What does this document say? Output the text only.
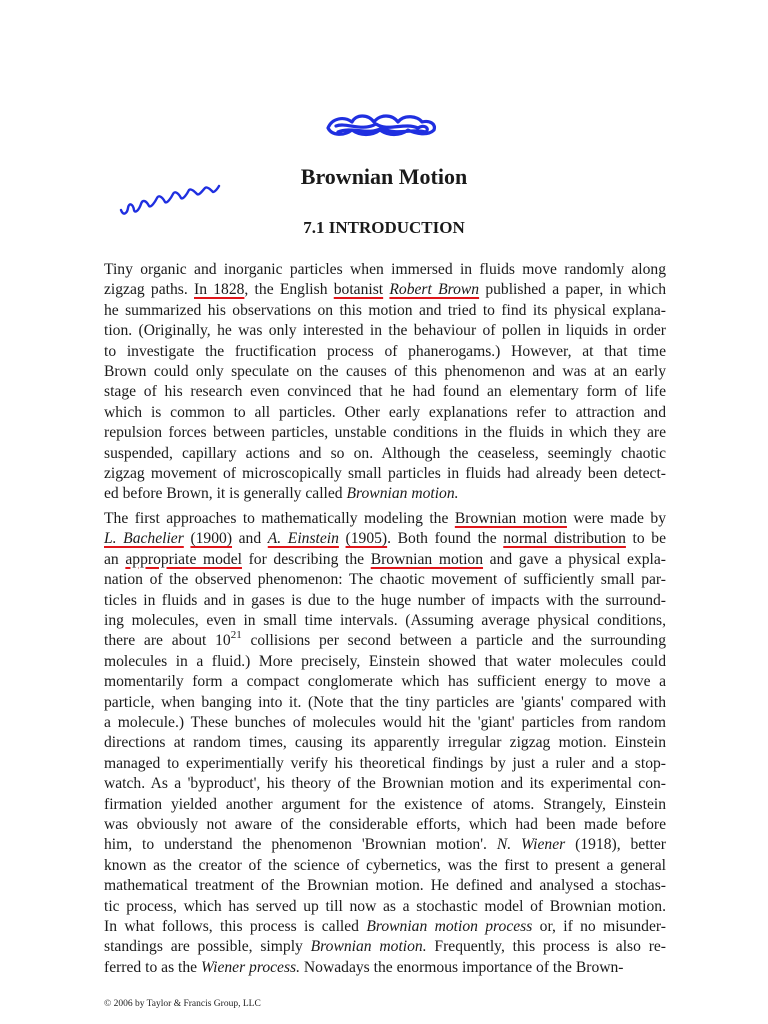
Brownian Motion
7.1 INTRODUCTION

Tiny organic and inorganic particles when immersed in fluids move randomly along
zigzag paths. In 1828, the English botanist Robert Brown published a paper, in which
he summarized his observations on this motion and tried to find its physical explana-
tion. (Originally, he was only interested in the behaviour of pollen in liquids in order
to investigate the fructification process of phanerogams.) However, at that time
Brown could only speculate on the causes of this phenomenon and was at an early
stage of his research even convinced that he had found an elementary form of life
which is common to all particles. Other early explanations refer to attraction and
repulsion forces between particles, unstable conditions in the fluids in which they are
suspended, capillary actions and so on. Although the ceaseless, seemingly chaotic
zigzag movement of microscopically small particles in fluids had already been detect-
ed before Brown, it is generally called Brownian motion.

The first approaches to mathematically modeling the Brownian motion were made by
L. Bachelier (1900) and A. Einstein (1905). Both found the normal distribution to be
an appropriate model for describing the Brownian motion and gave a physical expla-
nation of the observed phenomenon: The chaotic movement of sufficiently small par-
ticles in fluids and in gases is due to the huge number of impacts with the surround-
ing molecules, even in small time intervals. (Assuming average physical conditions,
there are about $10^{21}$ collisions per second between a particle and the surrounding
molecules in a fluid.) More precisely, Einstein showed that water molecules could
momentarily form a compact conglomerate which has sufficient energy to move a
particle, when banging into it. (Note that the tiny particles are 'giants' compared with
a molecule.) These bunches of molecules would hit the 'giant' particles from random
directions at random times, causing its apparently irregular zigzag motion. Einstein
managed to experimentially verify his theoretical findings by just a ruler and a stop-
watch. As a 'byproduct', his theory of the Brownian motion and its experimental con-
firmation yielded another argument for the existence of atoms. Strangely, Einstein
was obviously not aware of the considerable efforts, which had been made before
him, to understand the phenomenon 'Brownian motion'. N. Wiener (1918), better
known as the creator of the science of cybernetics, was the first to present a general
mathematical treatment of the Brownian motion. He defined and analysed a stochas-
tic process, which has served up till now as a stochastic model of Brownian motion.
In what follows, this process is called Brownian motion process or, if no misunder-
standings are possible, simply Brownian motion. Frequently, this process is also re-
ferred to as the Wiener process. Nowadays the enormous importance of the Brown-

© 2006 by Taylor & Francis Group, LLC
